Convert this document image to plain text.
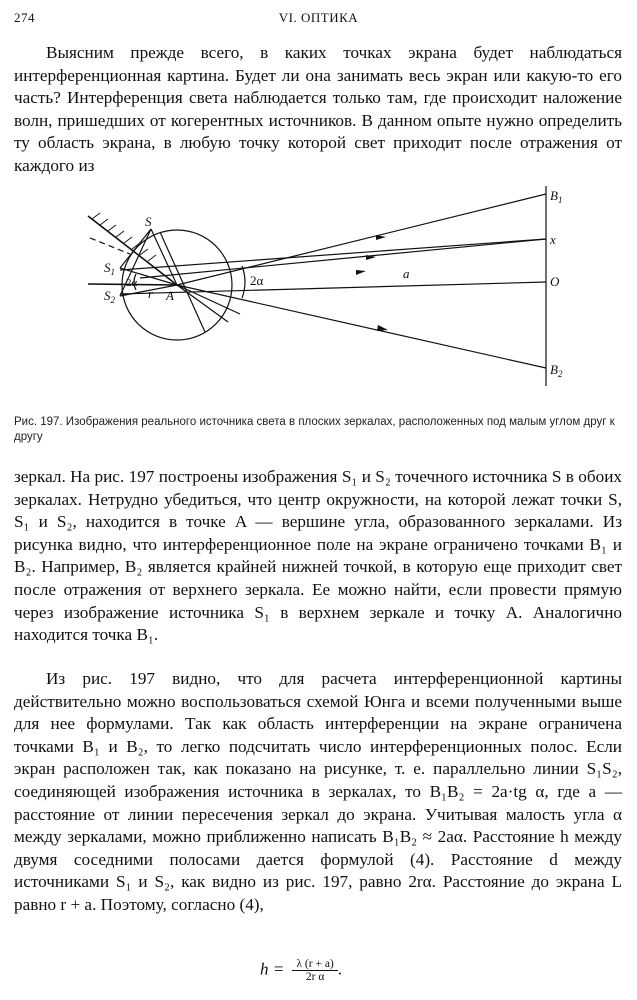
274	VI. ОПТИКА

Выясним прежде всего, в каких точках экрана будет наблюдаться интерференционная картина. Будет ли она занимать весь экран или какую-то его часть? Интерференция света наблюдается только там, где происходит наложение волн, пришедших от когерентных источников. В данном опыте нужно определить ту область экрана, в любую точку которой свет приходит после отражения от каждого из

S
$S_1$
$S_2$	A
r
2α	2α	a
$B_1$
x
O
$B_2$

Рис. 197. Изображения реального источника света в плоских зеркалах, расположенных под малым углом друг к другу

зеркал. На рис. 197 построены изображения S₁ и S₂ точечного источника S в обоих зеркалах. Нетрудно убедиться, что центр окружности, на которой лежат точки S, S₁ и S₂, находится в точке A — вершине угла, образованного зеркалами. Из рисунка видно, что интерференционное поле на экране ограничено точками B₁ и B₂. Например, B₂ является крайней нижней точкой, в которую еще приходит свет после отражения от верхнего зеркала. Ее можно найти, если провести прямую через изображение источника S₁ в верхнем зеркале и точку A. Аналогично находится точка B₁.

Из рис. 197 видно, что для расчета интерференционной картины действительно можно воспользоваться схемой Юнга и всеми полученными выше для нее формулами. Так как область интерференции на экране ограничена точками B₁ и B₂, то легко подсчитать число интерференционных полос. Если экран расположен так, как показано на рисунке, т. е. параллельно линии S₁S₂, соединяющей изображения источника в зеркалах, то B₁B₂ = 2a·tg α, где a — расстояние от линии пересечения зеркал до экрана. Учитывая малость угла α между зеркалами, можно приближенно написать B₁B₂ ≈ 2aα. Расстояние h между двумя соседними полосами дается формулой (4). Расстояние d между источниками S₁ и S₂, как видно из рис. 197, равно 2rα. Расстояние до экрана L равно r + a. Поэтому, согласно (4),

$h = \frac{\lambda (r + a)}{\text{2r α}}$ .
